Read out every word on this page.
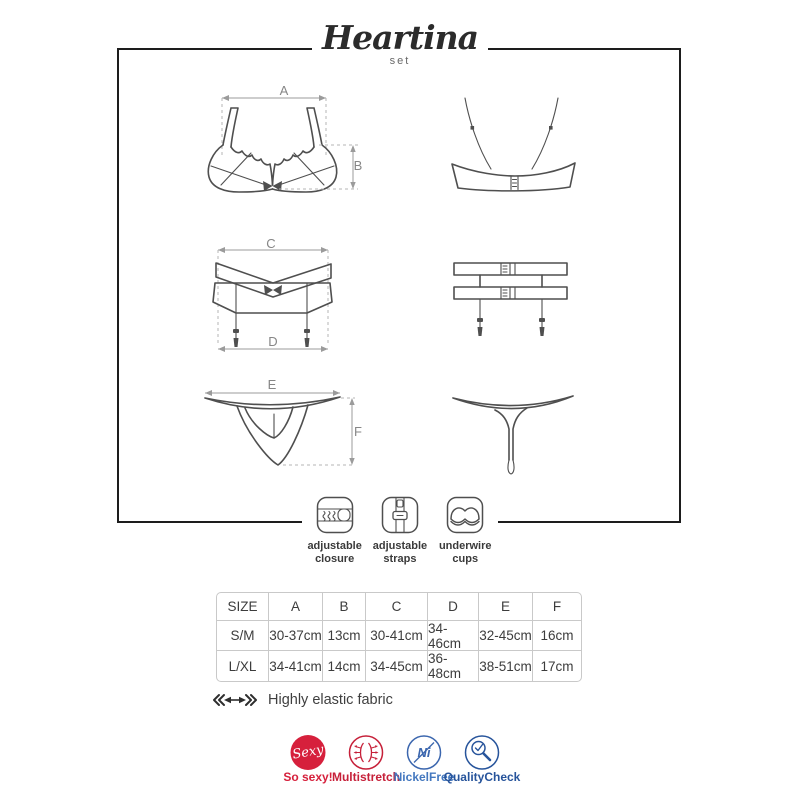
Heartina
set
A
B
C
D
E
F
adjustable closure
adjustable straps
underwire cups
SIZE	A	B	C	D	E	F
S/M	30-37cm 13cm 30-41cm 34-46cm	32-45cm 16cm
L/XL 34-41cm 14cm 34-45cm 36-48cm	38-51cm 17cm
Highly elastic fabric
Sexy	Ni
So sexy! Multistretch
NickelFree
QualityCheck
